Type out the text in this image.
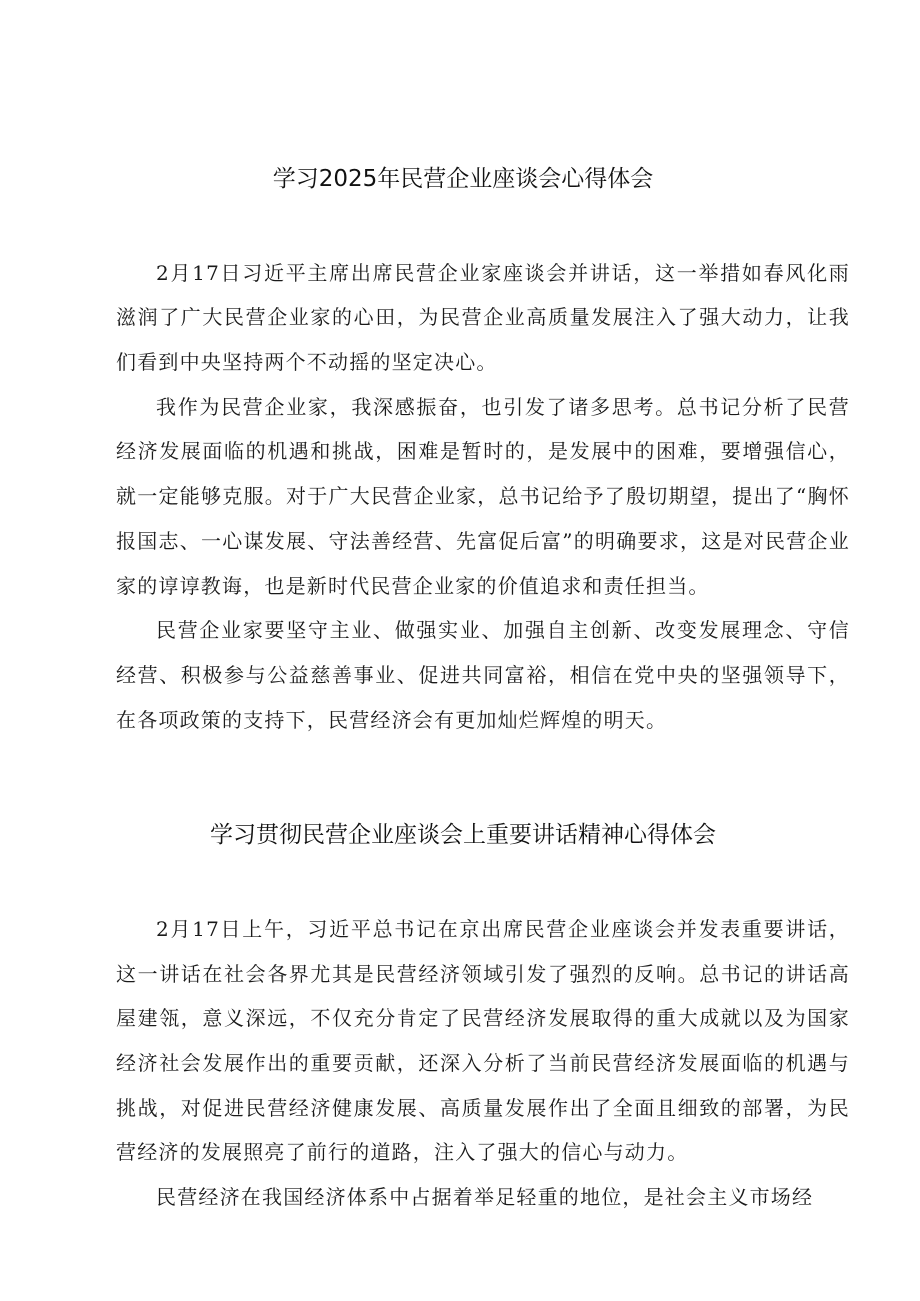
学习2025年民营企业座谈会心得体会

2月17日习近平主席出席民营企业家座谈会并讲话，这一举措如春风化雨滋润了广大民营企业家的心田，为民营企业高质量发展注入了强大动力，让我们看到中央坚持两个不动摇的坚定决心。

我作为民营企业家，我深感振奋，也引发了诸多思考。总书记分析了民营经济发展面临的机遇和挑战，困难是暂时的，是发展中的困难，要增强信心，就一定能够克服。对于广大民营企业家，总书记给予了殷切期望，提出了“胸怀报国志、一心谋发展、守法善经营、先富促后富”的明确要求，这是对民营企业家的谆谆教诲，也是新时代民营企业家的价值追求和责任担当。

民营企业家要坚守主业、做强实业、加强自主创新、改变发展理念、守信经营、积极参与公益慈善事业、促进共同富裕，相信在党中央的坚强领导下，在各项政策的支持下，民营经济会有更加灿烂辉煌的明天。

学习贯彻民营企业座谈会上重要讲话精神心得体会

2月17日上午，习近平总书记在京出席民营企业座谈会并发表重要讲话，这一讲话在社会各界尤其是民营经济领域引发了强烈的反响。总书记的讲话高屋建瓴，意义深远，不仅充分肯定了民营经济发展取得的重大成就以及为国家经济社会发展作出的重要贡献，还深入分析了当前民营经济发展面临的机遇与挑战，对促进民营经济健康发展、高质量发展作出了全面且细致的部署，为民营经济的发展照亮了前行的道路，注入了强大的信心与动力。

民营经济在我国经济体系中占据着举足轻重的地位，是社会主义市场经
